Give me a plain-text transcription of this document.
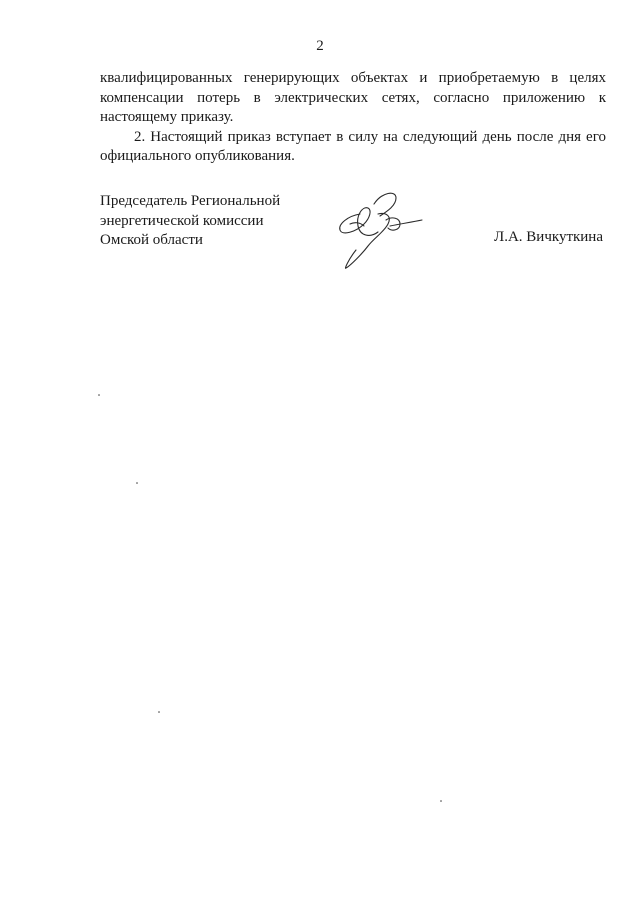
2

квалифицированных генерирующих объектах и приобретаемую в целях компенсации потерь в электрических сетях, согласно приложению к настоящему приказу.

2. Настоящий приказ вступает в силу на следующий день после дня его официального опубликования.

Председатель Региональной
энергетической комиссии
Омской области	Л.А. Вичкуткина
